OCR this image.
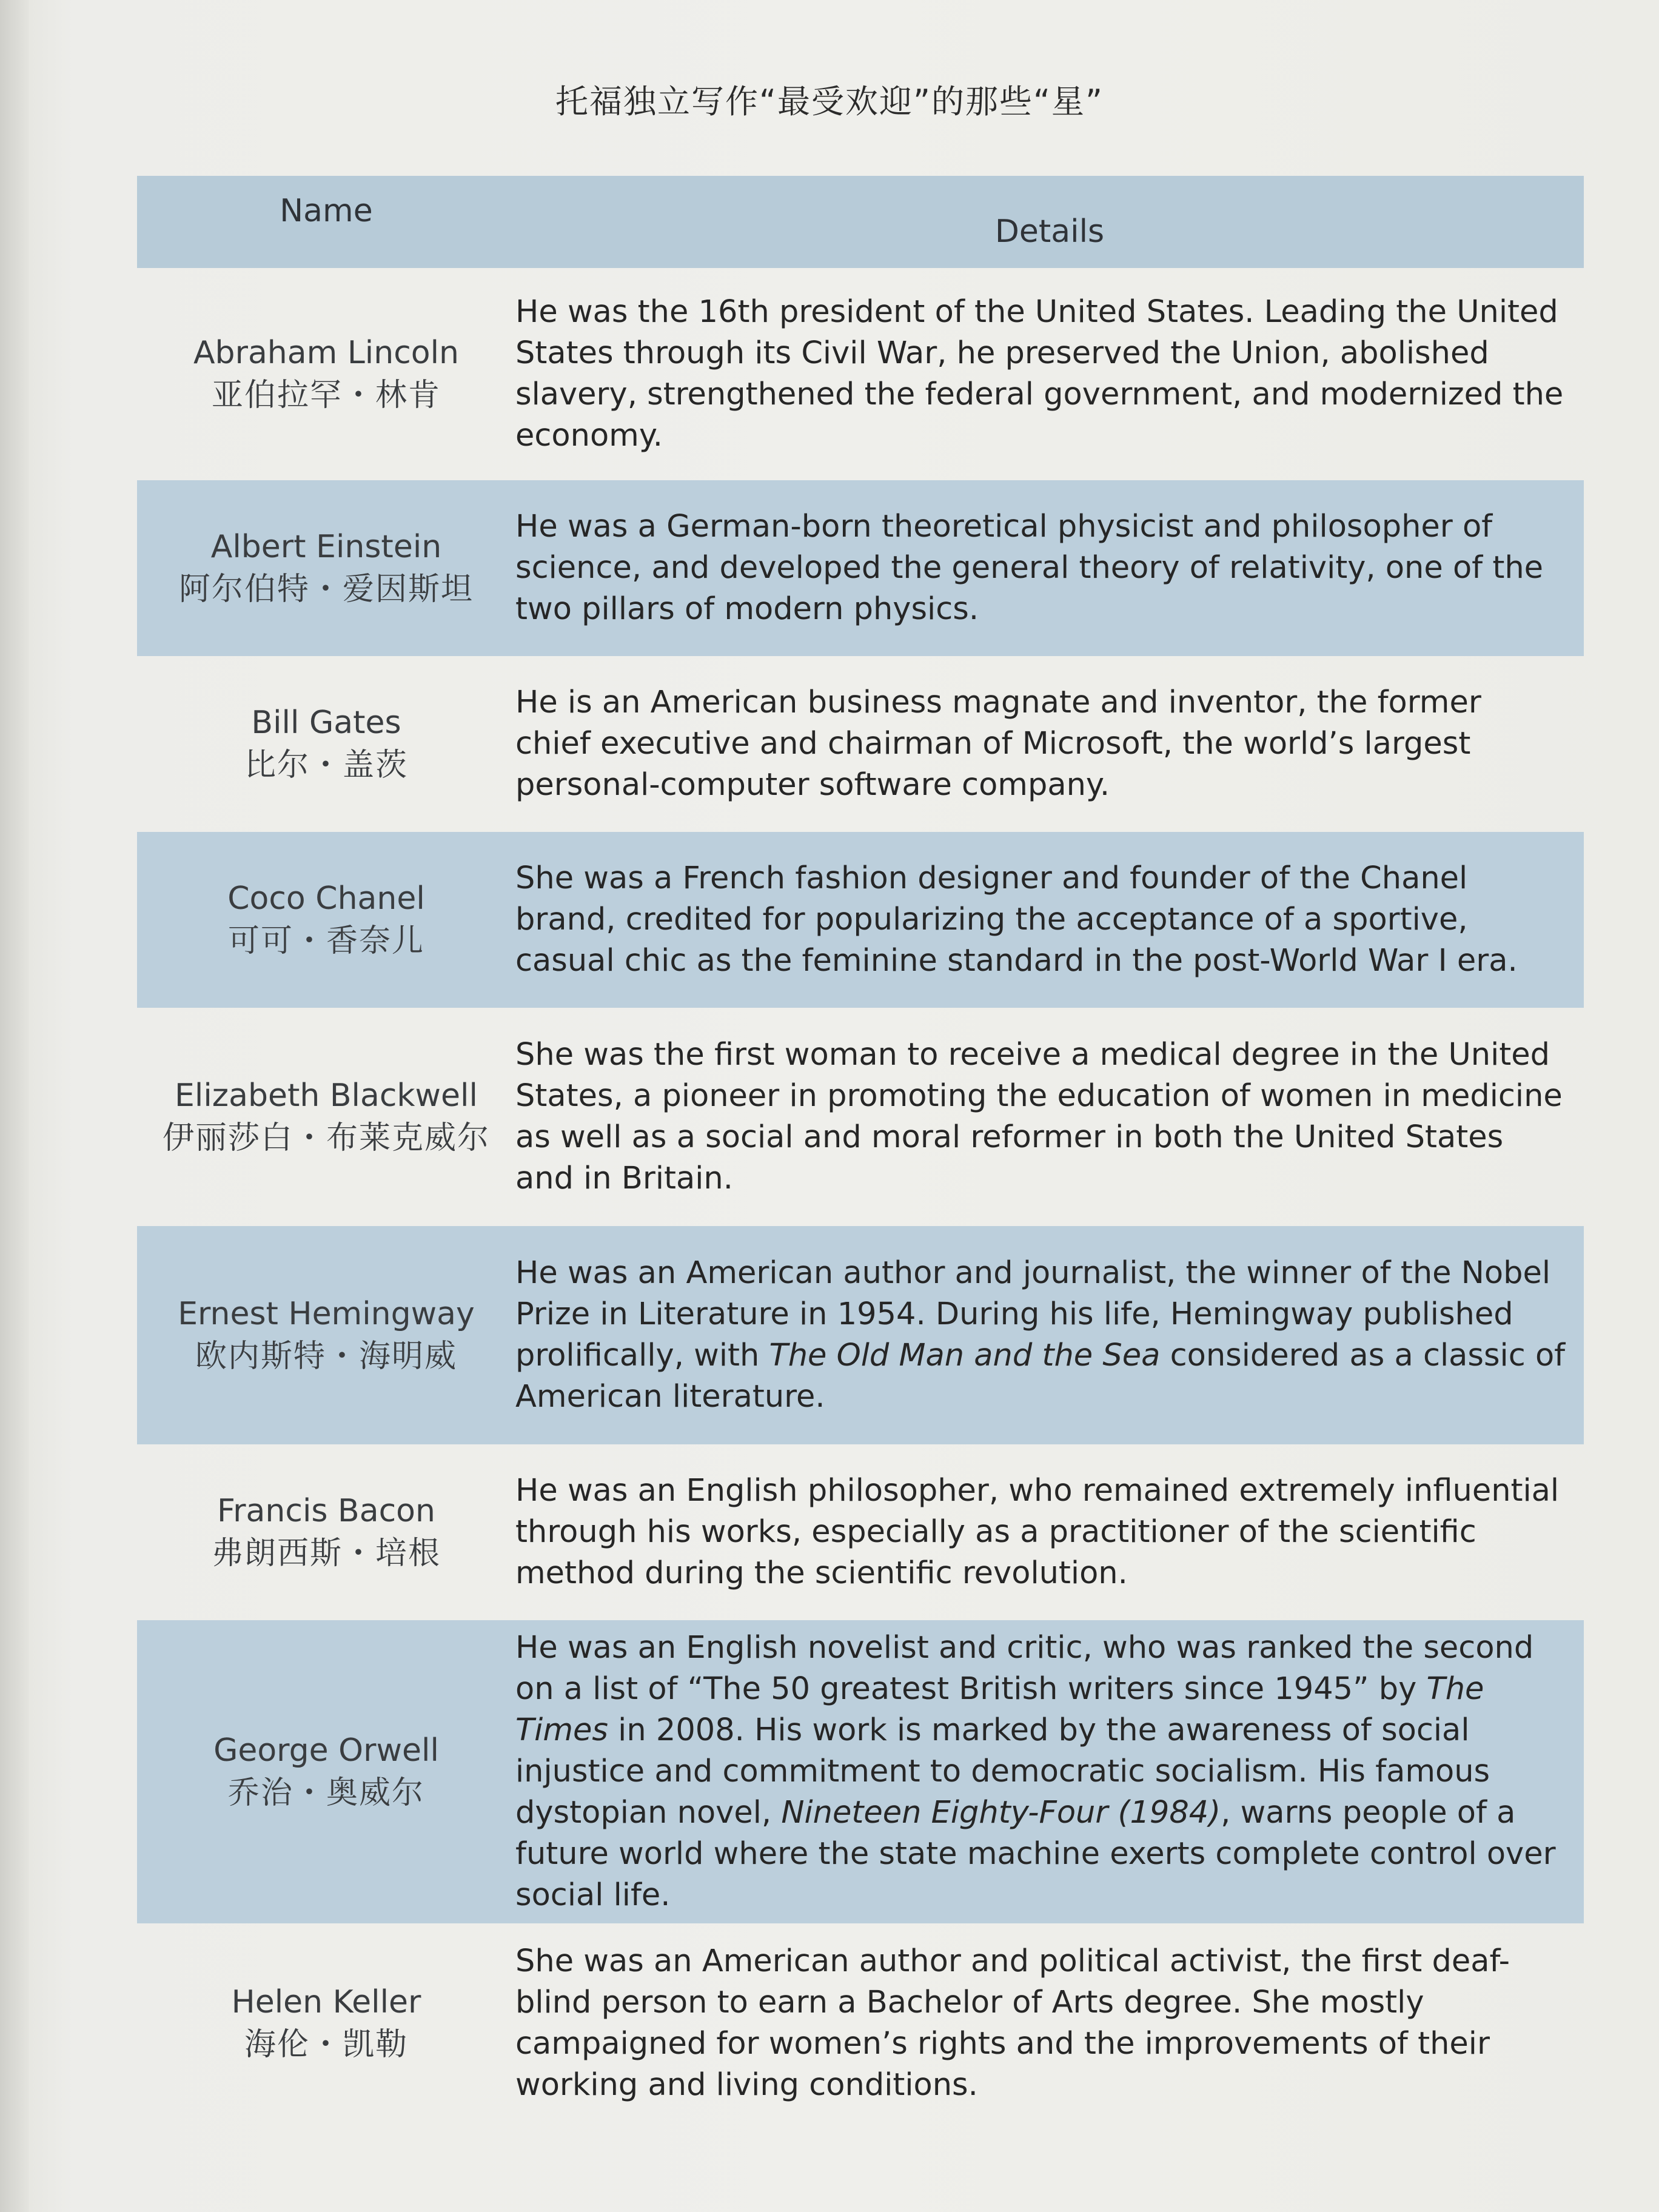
托福独立写作“最受欢迎”的那些“星”
Name
Details
Abraham Lincoln
亚伯拉罕・林肯
He was the 16th president of the United States. Leading the United States through its Civil War, he preserved the Union, abolished slavery, strengthened the federal government, and modernized the economy.
Albert Einstein
阿尔伯特・爱因斯坦
He was a German-born theoretical physicist and philosopher of science, and developed the general theory of relativity, one of the two pillars of modern physics.
Bill Gates
比尔・盖茨
He is an American business magnate and inventor, the former chief executive and chairman of Microsoft, the world’s largest personal-computer software company.
Coco Chanel
可可・香奈儿
She was a French fashion designer and founder of the Chanel brand, credited for popularizing the acceptance of a sportive, casual chic as the feminine standard in the post-World War I era.
Elizabeth Blackwell
伊丽莎白・布莱克威尔
She was the first woman to receive a medical degree in the United States, a pioneer in promoting the education of women in medicine as well as a social and moral reformer in both the United States and in Britain.
Ernest Hemingway
欧内斯特・海明威
He was an American author and journalist, the winner of the Nobel Prize in Literature in 1954. During his life, Hemingway published prolifically, with The Old Man and the Sea considered as a classic of American literature.
Francis Bacon
弗朗西斯・培根
He was an English philosopher, who remained extremely influential through his works, especially as a practitioner of the scientific method during the scientific revolution.
George Orwell
乔治・奥威尔
He was an English novelist and critic, who was ranked the second on a list of “The 50 greatest British writers since 1945” by The Times in 2008. His work is marked by the awareness of social injustice and commitment to democratic socialism. His famous dystopian novel, Nineteen Eighty-Four (1984), warns people of a future world where the state machine exerts complete control over social life.
Helen Keller
海伦・凯勒
She was an American author and political activist, the first deaf-blind person to earn a Bachelor of Arts degree. She mostly campaigned for women’s rights and the improvements of their working and living conditions.
